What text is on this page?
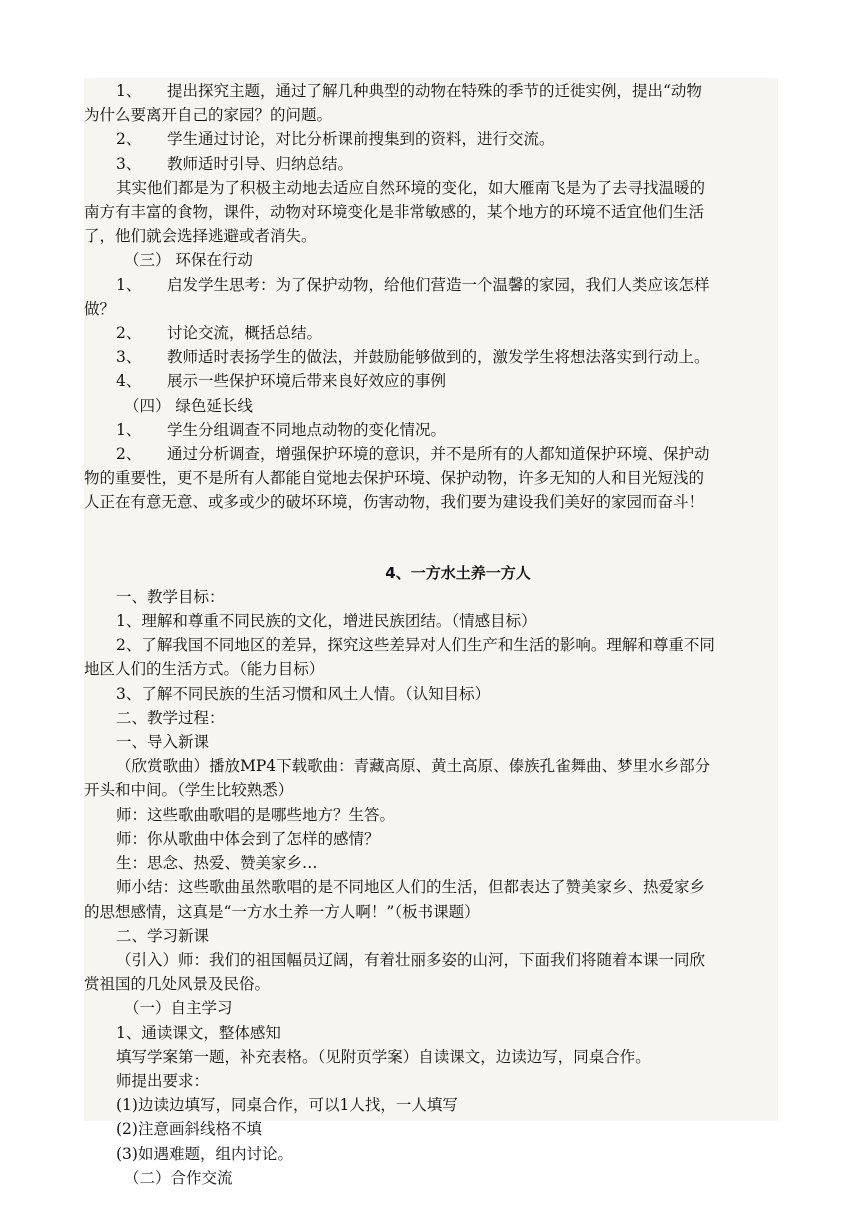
1、 提出探究主题，通过了解几种典型的动物在特殊的季节的迁徙实例，提出“动物

为什么要离开自己的家园？的问题。

2、 学生通过讨论，对比分析课前搜集到的资料，进行交流。

3、 教师适时引导、归纳总结。

其实他们都是为了积极主动地去适应自然环境的变化，如大雁南飞是为了去寻找温暖的

南方有丰富的食物，课件，动物对环境变化是非常敏感的，某个地方的环境不适宜他们生活

了，他们就会选择逃避或者消失。

（三） 环保在行动

1、 启发学生思考：为了保护动物，给他们营造一个温馨的家园，我们人类应该怎样

做？

2、 讨论交流，概括总结。

3、 教师适时表扬学生的做法，并鼓励能够做到的，激发学生将想法落实到行动上。

4、 展示一些保护环境后带来良好效应的事例

（四） 绿色延长线

1、 学生分组调查不同地点动物的变化情况。

2、 通过分析调查，增强保护环境的意识，并不是所有的人都知道保护环境、保护动

物的重要性，更不是所有人都能自觉地去保护环境、保护动物，许多无知的人和目光短浅的

人正在有意无意、或多或少的破坏环境，伤害动物，我们要为建设我们美好的家园而奋斗！

4、一方水土养一方人

一、教学目标：

1、理解和尊重不同民族的文化，增进民族团结。（情感目标）

2、了解我国不同地区的差异，探究这些差异对人们生产和生活的影响。理解和尊重不同

地区人们的生活方式。（能力目标）

3、了解不同民族的生活习惯和风土人情。（认知目标）

二、教学过程：

一、导入新课

（欣赏歌曲）播放MP4下载歌曲：青藏高原、黄土高原、傣族孔雀舞曲、梦里水乡部分

开头和中间。（学生比较熟悉）

师：这些歌曲歌唱的是哪些地方？生答。

师：你从歌曲中体会到了怎样的感情？

生：思念、热爱、赞美家乡…

师小结：这些歌曲虽然歌唱的是不同地区人们的生活，但都表达了赞美家乡、热爱家乡

的思想感情，这真是“一方水土养一方人啊！”（板书课题）

二、学习新课

（引入）师：我们的祖国幅员辽阔，有着壮丽多姿的山河，下面我们将随着本课一同欣

赏祖国的几处风景及民俗。

（一）自主学习

1、通读课文，整体感知

填写学案第一题，补充表格。（见附页学案）自读课文，边读边写，同桌合作。

师提出要求：

(1)边读边填写，同桌合作，可以1人找，一人填写

(2)注意画斜线格不填

(3)如遇难题，组内讨论。

（二）合作交流
